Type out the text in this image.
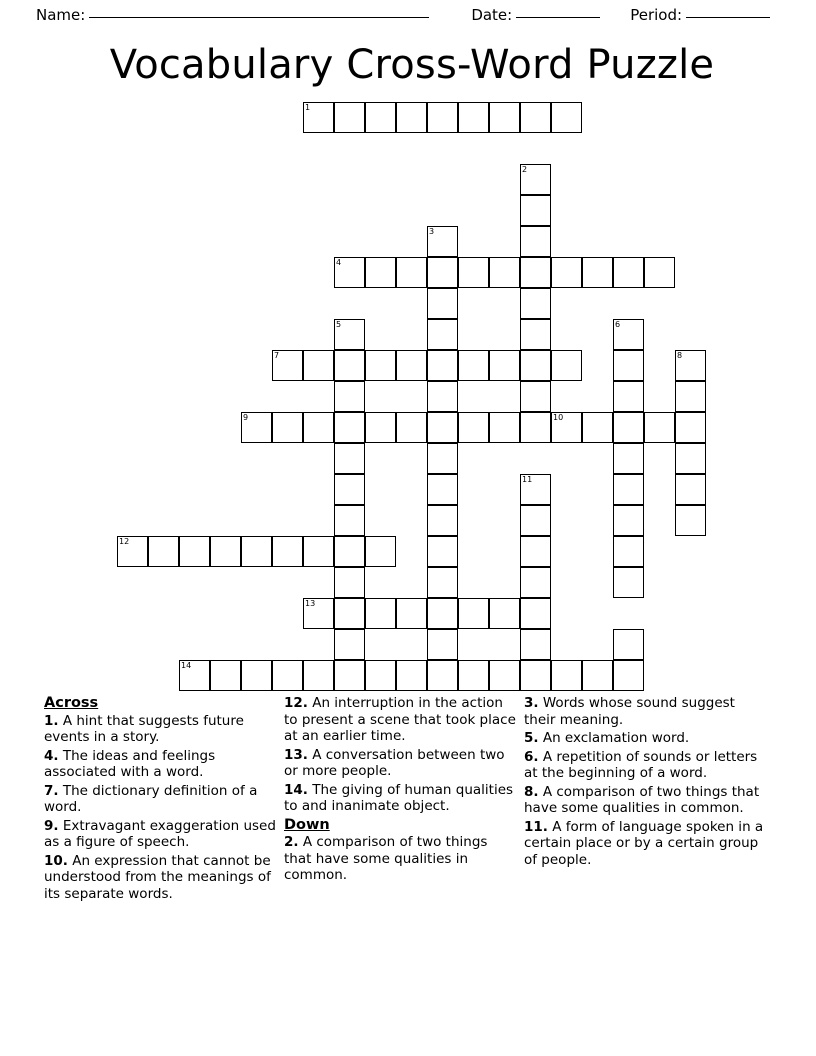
Name:	Date:	Period:
Vocabulary Cross-Word Puzzle
1
2
3
4
5	6
7	8
9	10
11
12
13
14
Across
1. A hint that suggests future events in a story.
4. The ideas and feelings associated with a word.
7. The dictionary definition of a word.
9. Extravagant exaggeration used as a figure of speech.
10. An expression that cannot be understood from the meanings of its separate words.
12. An interruption in the action to present a scene that took place at an earlier time.
13. A conversation between two or more people.
14. The giving of human qualities to and inanimate object.
Down
2. A comparison of two things that have some qualities in common.
3. Words whose sound suggest their meaning.
5. An exclamation word.
6. A repetition of sounds or letters at the beginning of a word.
8. A comparison of two things that have some qualities in common.
11. A form of language spoken in a certain place or by a certain group of people.
